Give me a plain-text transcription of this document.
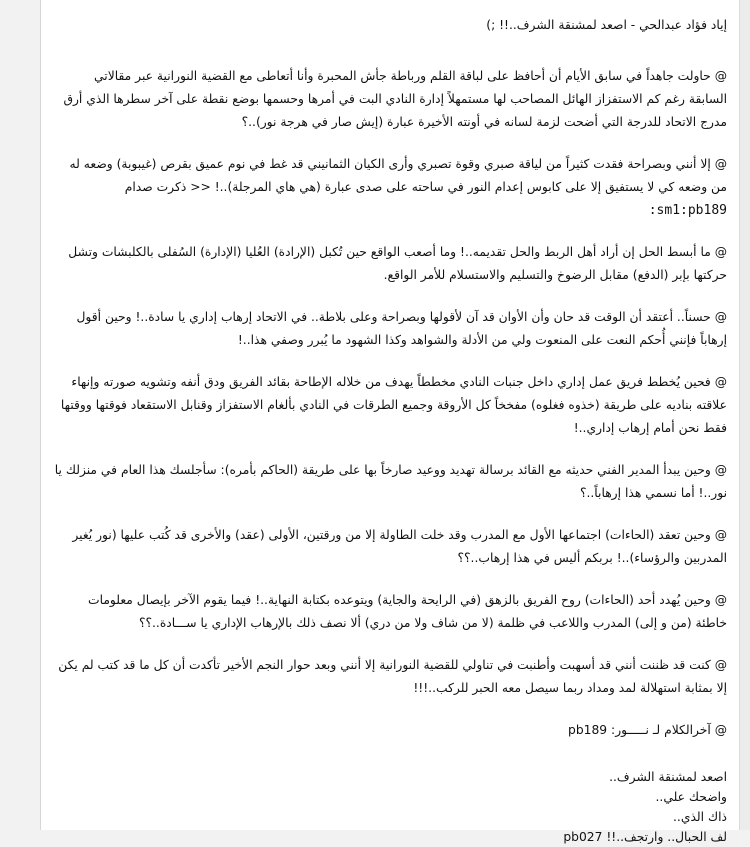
إياد فؤاد عبدالحي - اصعد لمشنقة الشرف..!! ;)
@ حاولت جاهداً في سابق الأيام أن أحافظ على لباقة القلم ورباطة جأش المحبرة وأنا أتعاطى مع القضية النورانية عبر مقالاتي السابقة رغم كم الاستفزاز الهائل المصاحب لها مستمهلاً إدارة النادي البت في أمرها وحسمها بوضع نقطة على آخر سطرها الذي أرق مدرج الاتحاد للدرجة التي أضحت لزمة لسانه في أونته الأخيرة عبارة (إيش صار في هرجة نور)..؟
@ إلا أنني وبصراحة فقدت كثيراً من لياقة صبري وقوة تصبري وأرى الكيان الثمانيني قد غط في نوم عميق بقرص (غيبوبة) وضعه له من وضعه كي لا يستفيق إلا على كابوس إعدام النور في ساحته على صدى عبارة (هي هاي المرجلة)..! << ذكرت صدام
sm1:pb189:
@ ما أبسط الحل إن أراد أهل الربط والحل تقديمه..! وما أصعب الواقع حين تُكبل (الإرادة) العُليا (الإدارة) السُفلى بالكلبشات وتشل حركتها بإبر (الدفع) مقابل الرضوخ والتسليم والاستسلام للأمر الواقع.
@ حسناً.. أعتقد أن الوقت قد حان وأن الأوان قد آن لأقولها وبصراحة وعلى بلاطة.. في الاتحاد إرهاب إداري يا سادة..! وحين أقول إرهاباً فإنني أُحكم النعت على المنعوت ولي من الأدلة والشواهد وكذا الشهود ما يُبرر وصفي هذا..!
@ فحين يُخطط فريق عمل إداري داخل جنبات النادي مخططاً يهدف من خلاله الإطاحة بقائد الفريق ودق أنفه وتشويه صورته وإنهاء علاقته بناديه على طريقة (خذوه فغلوه) مفخخاً كل الأروقة وجميع الطرقات في النادي بألغام الاستفزاز وقنابل الاستقعاد فوقتها ووقتها فقط نحن أمام إرهاب إداري..!
@ وحين يبدأ المدير الفني حديثه مع القائد برسالة تهديد ووعيد صارخاً بها على طريقة (الحاكم بأمره): سأجلسك هذا العام في منزلك يا نور..! أما نسمي هذا إرهاباً..؟
@ وحين تعقد (الحاءات) اجتماعها الأول مع المدرب وقد خلت الطاولة إلا من ورقتين، الأولى (عقد) والأخرى قد كُتب عليها (نور يُغير المدربين والرؤساء)..! بربكم أليس في هذا إرهاب..؟؟
@ وحين يُهدد أحد (الحاءات) روح الفريق بالزهق (في الرايحة والجاية) ويتوعده بكتابة النهاية..! فيما يقوم الآخر بإيصال معلومات خاطئة (من و إلى) المدرب واللاعب في ظلمة (لا من شاف ولا من دري) ألا نصف ذلك بالإرهاب الإداري يا ســـادة..؟؟
@ كنت قد ظننت أنني قد أسهبت وأطنبت في تناولي للقضية النورانية إلا أنني وبعد حوار النجم الأخير تأكدت أن كل ما قد كتب لم يكن إلا بمثابة استهلالة لمد ومداد ربما سيصل معه الحبر للركب..!!!
@ آخرالكلام لـ نـــــور: pb189
اصعد لمشنقة الشرف..
واضحك علي..
ذاك الذي..
لف الحبال.. وارتجف..!! pb027
